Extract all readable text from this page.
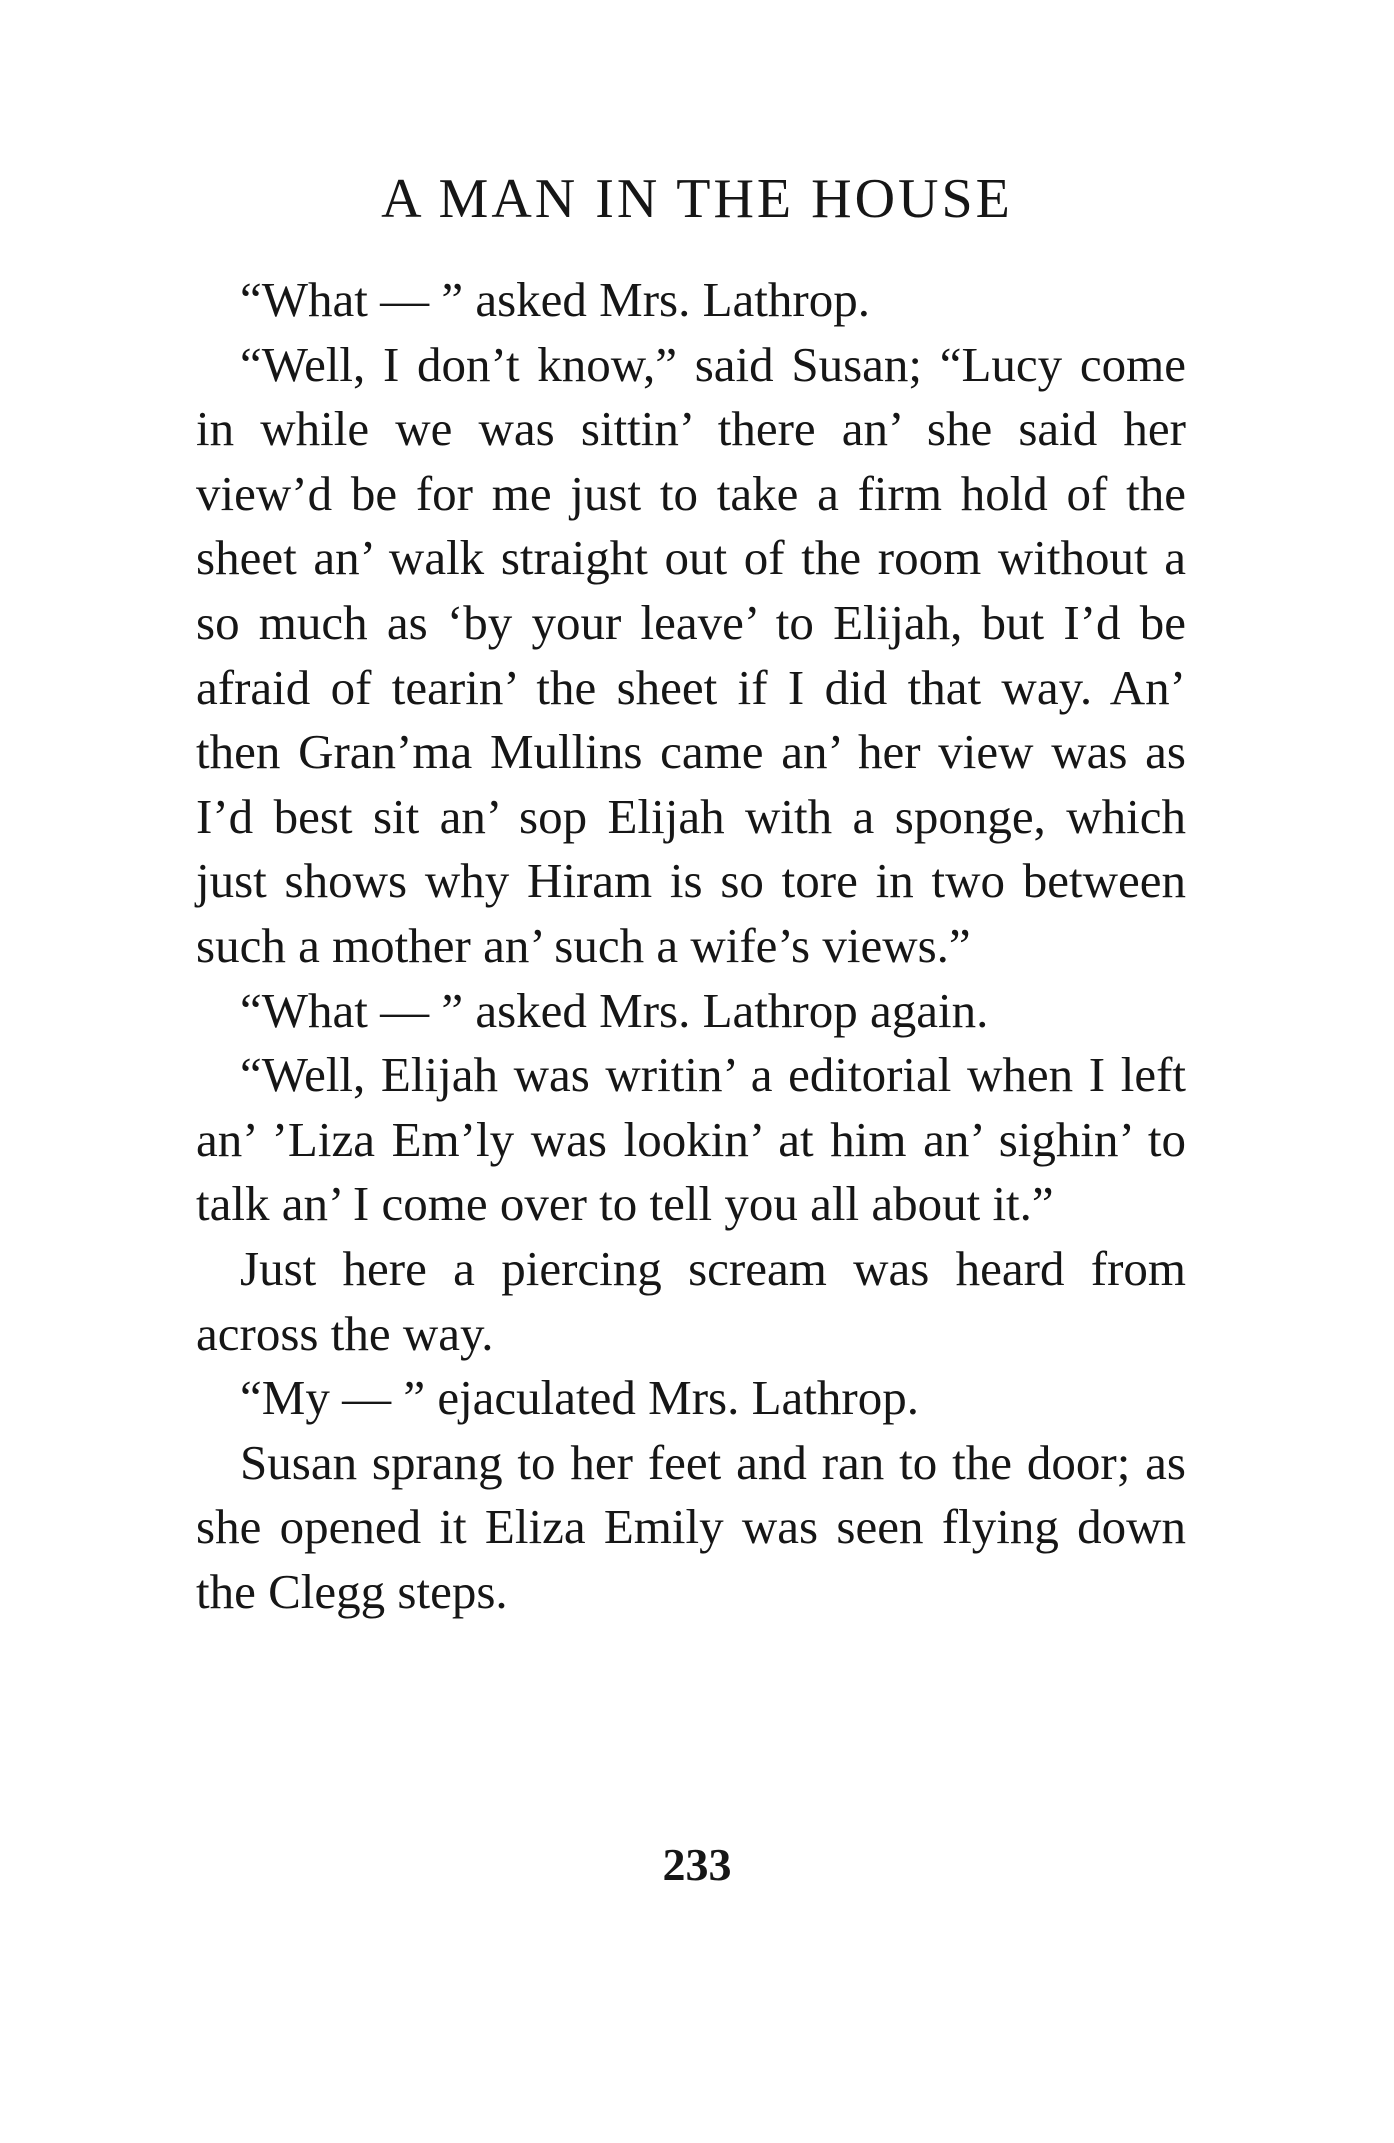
A MAN IN THE HOUSE

“What — ” asked Mrs. Lathrop.

“Well, I don’t know,” said Susan; “Lucy come in while we was sittin’ there an’ she said her view’d be for me just to take a firm hold of the sheet an’ walk straight out of the room without a so much as ‘by your leave’ to Elijah, but I’d be afraid of tearin’ the sheet if I did that way. An’ then Gran’ma Mullins came an’ her view was as I’d best sit an’ sop Elijah with a sponge, which just shows why Hiram is so tore in two between such a mother an’ such a wife’s views.”

“What — ” asked Mrs. Lathrop again.

“Well, Elijah was writin’ a editorial when I left an’ ’Liza Em’ly was lookin’ at him an’ sighin’ to talk an’ I come over to tell you all about it.”

Just here a piercing scream was heard from across the way.

“My — ” ejaculated Mrs. Lathrop.

Susan sprang to her feet and ran to the door; as she opened it Eliza Emily was seen flying down the Clegg steps.

233
